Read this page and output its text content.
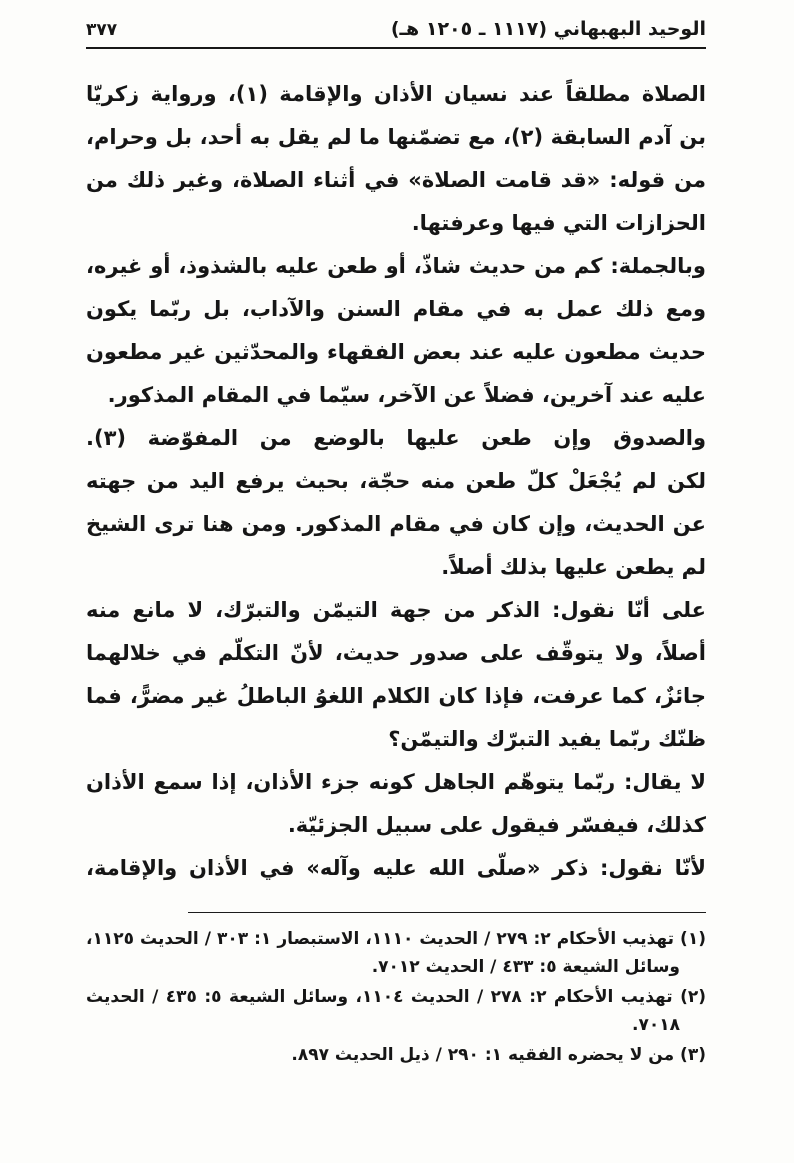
الوحيد البهبهاني (١١١٧ ـ ١٢٠٥ هـ)
٣٧٧

الصلاة مطلقاً عند نسيان الأذان والإقامة (١)، ورواية زكريّا بن آدم السابقة (٢)، مع تضمّنها ما لم يقل به أحد، بل وحرام، من قوله: «قد قامت الصلاة» في أثناء الصلاة، وغير ذلك من الحزازات التي فيها وعرفتها.

وبالجملة: كم من حديث شاذّ، أو طعن عليه بالشذوذ، أو غيره، ومع ذلك عمل به في مقام السنن والآداب، بل ربّما يكون حديث مطعون عليه عند بعض الفقهاء والمحدّثين غير مطعون عليه عند آخرين، فضلاً عن الآخر، سيّما في المقام المذكور.

والصدوق وإن طعن عليها بالوضع من المفوّضة (٣).

لكن لم يُجْعَلْ كلّ طعن منه حجّة، بحيث يرفع اليد من جهته عن الحديث، وإن كان في مقام المذكور. ومن هنا ترى الشيخ لم يطعن عليها بذلك أصلاً.

على أنّا نقول: الذكر من جهة التيمّن والتبرّك، لا مانع منه أصلاً، ولا يتوقّف على صدور حديث، لأنّ التكلّم في خلالهما جائزٌ، كما عرفت، فإذا كان الكلام اللغوُ الباطلُ غير مضرًّ، فما ظنّك ربّما يفيد التبرّك والتيمّن؟

لا يقال: ربّما يتوهّم الجاهل كونه جزء الأذان، إذا سمع الأذان كذلك، فيفسّر فيقول على سبيل الجزئيّة.

لأنّا نقول: ذكر «صلّى الله عليه وآله» في الأذان والإقامة،

(١) تهذيب الأحكام ٢: ٢٧٩ / الحديث ١١١٠، الاستبصار ١: ٣٠٣ / الحديث ١١٢٥، وسائل الشيعة ٥: ٤٣٣ / الحديث ٧٠١٢.

(٢) تهذيب الأحكام ٢: ٢٧٨ / الحديث ١١٠٤، وسائل الشيعة ٥: ٤٣٥ / الحديث ٧٠١٨.

(٣) من لا يحضره الفقيه ١: ٢٩٠ / ذيل الحديث ٨٩٧.
